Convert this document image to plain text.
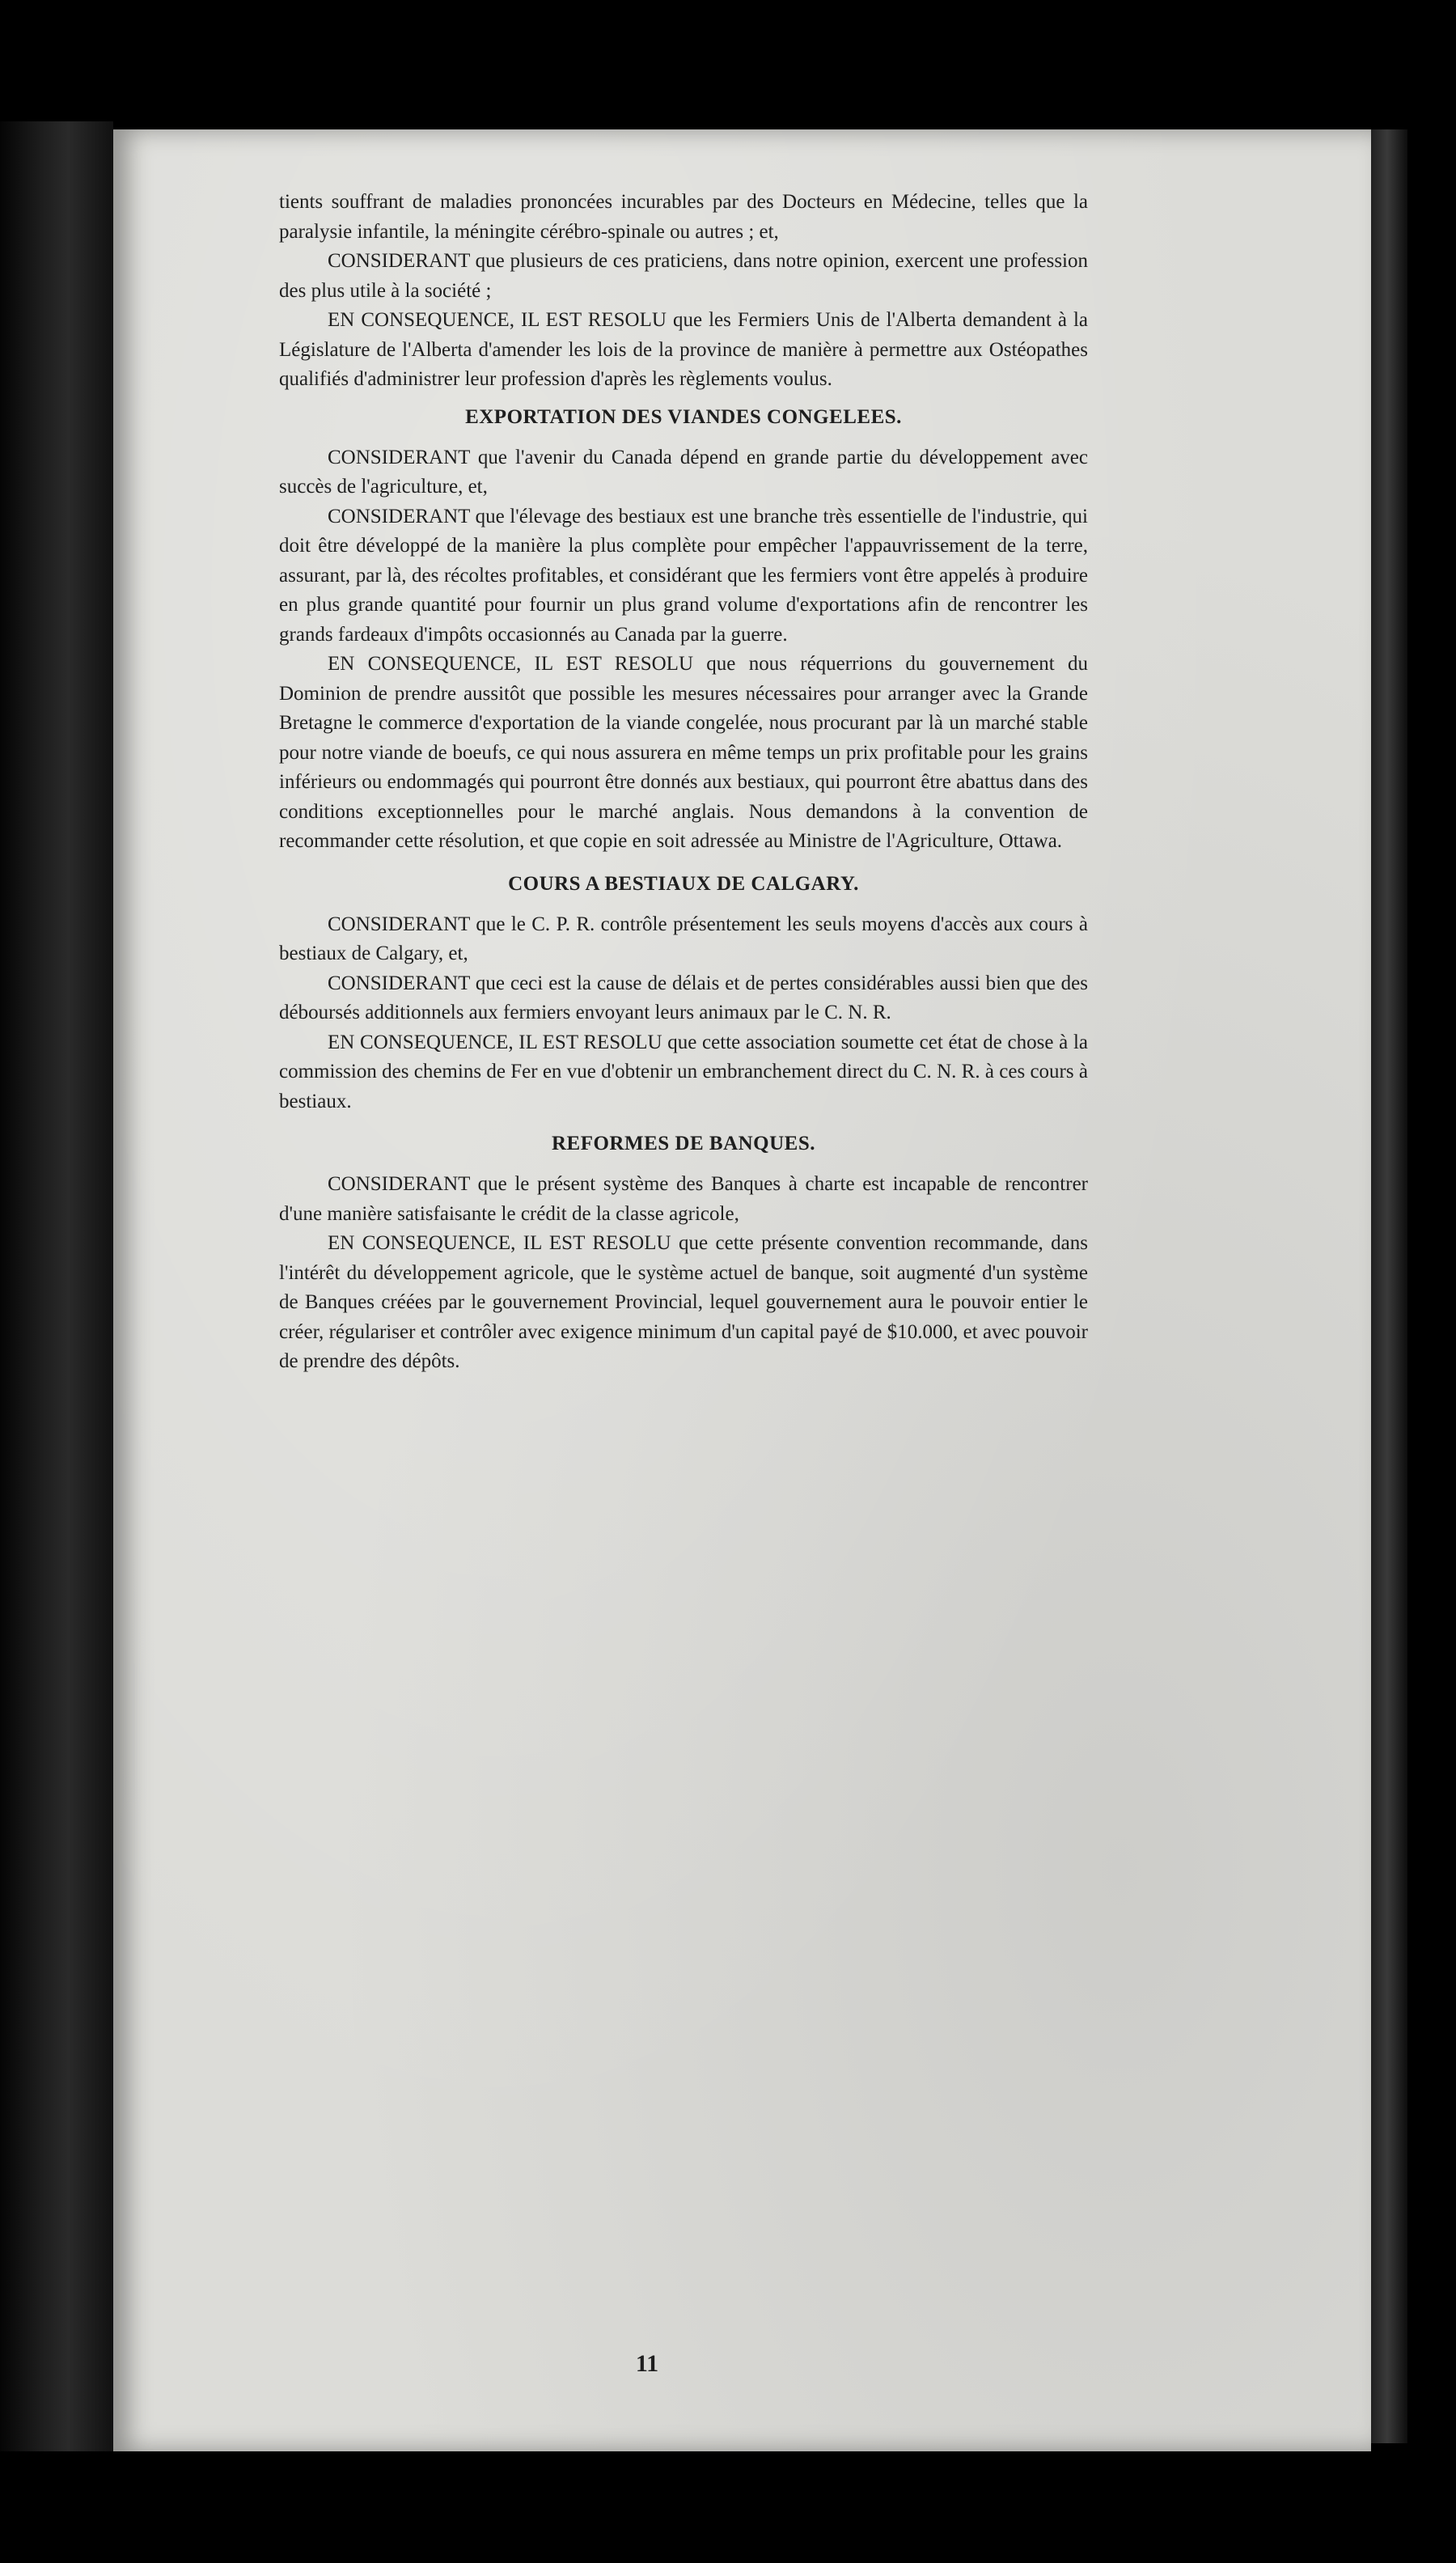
tients souffrant de maladies prononcées incurables par des Docteurs en Médecine, telles que la paralysie infantile, la méningite cérébro-spinale ou autres ; et,

CONSIDERANT que plusieurs de ces praticiens, dans notre opinion, exercent une profession des plus utile à la société ;

EN CONSEQUENCE, IL EST RESOLU que les Fermiers Unis de l'Alberta demandent à la Législature de l'Alberta d'amender les lois de la province de manière à permettre aux Ostéopathes qualifiés d'administrer leur profession d'après les règlements voulus.

EXPORTATION DES VIANDES CONGELEES.

CONSIDERANT que l'avenir du Canada dépend en grande partie du développement avec succès de l'agriculture, et,

CONSIDERANT que l'élevage des bestiaux est une branche très essentielle de l'industrie, qui doit être développé de la manière la plus complète pour empêcher l'appauvrissement de la terre, assurant, par là, des récoltes profitables, et considérant que les fermiers vont être appelés à produire en plus grande quantité pour fournir un plus grand volume d'exportations afin de rencontrer les grands fardeaux d'impôts occasionnés au Canada par la guerre.

EN CONSEQUENCE, IL EST RESOLU que nous réquerrions du gouvernement du Dominion de prendre aussitôt que possible les mesures nécessaires pour arranger avec la Grande Bretagne le commerce d'exportation de la viande congelée, nous procurant par là un marché stable pour notre viande de boeufs, ce qui nous assurera en même temps un prix profitable pour les grains inférieurs ou endommagés qui pourront être donnés aux bestiaux, qui pourront être abattus dans des conditions exceptionnelles pour le marché anglais. Nous demandons à la convention de recommander cette résolution, et que copie en soit adressée au Ministre de l'Agriculture, Ottawa.

COURS A BESTIAUX DE CALGARY.

CONSIDERANT que le C. P. R. contrôle présentement les seuls moyens d'accès aux cours à bestiaux de Calgary, et,

CONSIDERANT que ceci est la cause de délais et de pertes considérables aussi bien que des déboursés additionnels aux fermiers envoyant leurs animaux par le C. N. R.

EN CONSEQUENCE, IL EST RESOLU que cette association soumette cet état de chose à la commission des chemins de Fer en vue d'obtenir un embranchement direct du C. N. R. à ces cours à bestiaux.

REFORMES DE BANQUES.

CONSIDERANT que le présent système des Banques à charte est incapable de rencontrer d'une manière satisfaisante le crédit de la classe agricole,

EN CONSEQUENCE, IL EST RESOLU que cette présente convention recommande, dans l'intérêt du développement agricole, que le système actuel de banque, soit augmenté d'un système de Banques créées par le gouvernement Provincial, lequel gouvernement aura le pouvoir entier le créer, régulariser et contrôler avec exigence minimum d'un capital payé de $10.000, et avec pouvoir de prendre des dépôts.

11
